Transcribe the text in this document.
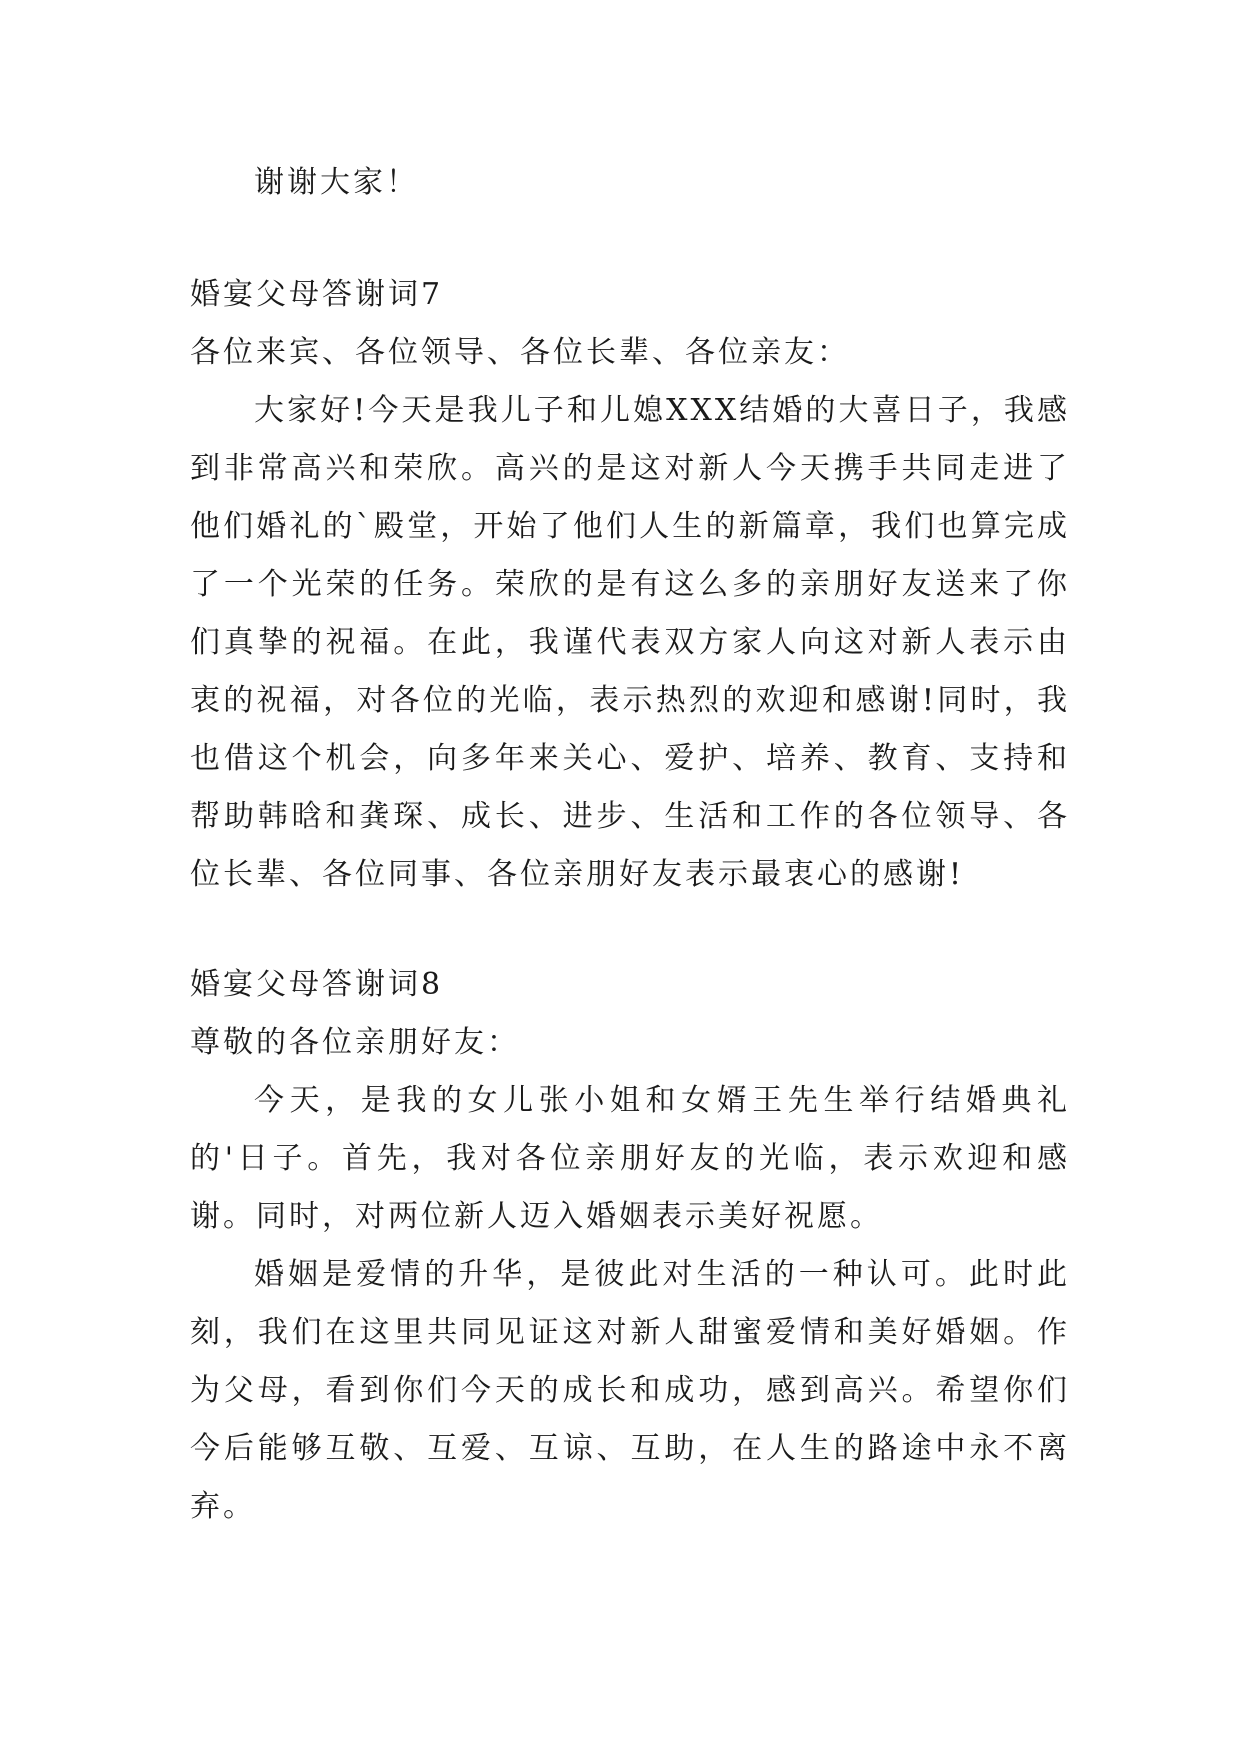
谢谢大家！

婚宴父母答谢词7

各位来宾、各位领导、各位长辈、各位亲友：

大家好!今天是我儿子和儿媳XXX结婚的大喜日子，我感到非常高兴和荣欣。高兴的是这对新人今天携手共同走进了他们婚礼的`殿堂，开始了他们人生的新篇章，我们也算完成了一个光荣的任务。荣欣的是有这么多的亲朋好友送来了你们真挚的祝福。在此，我谨代表双方家人向这对新人表示由衷的祝福，对各位的光临，表示热烈的欢迎和感谢!同时，我也借这个机会，向多年来关心、爱护、培养、教育、支持和帮助韩晗和龚琛、成长、进步、生活和工作的各位领导、各位长辈、各位同事、各位亲朋好友表示最衷心的感谢!

婚宴父母答谢词8

尊敬的各位亲朋好友：

今天，是我的女儿张小姐和女婿王先生举行结婚典礼的'日子。首先，我对各位亲朋好友的光临，表示欢迎和感谢。同时，对两位新人迈入婚姻表示美好祝愿。

婚姻是爱情的升华，是彼此对生活的一种认可。此时此刻，我们在这里共同见证这对新人甜蜜爱情和美好婚姻。作为父母，看到你们今天的成长和成功，感到高兴。希望你们今后能够互敬、互爱、互谅、互助，在人生的路途中永不离弃。
